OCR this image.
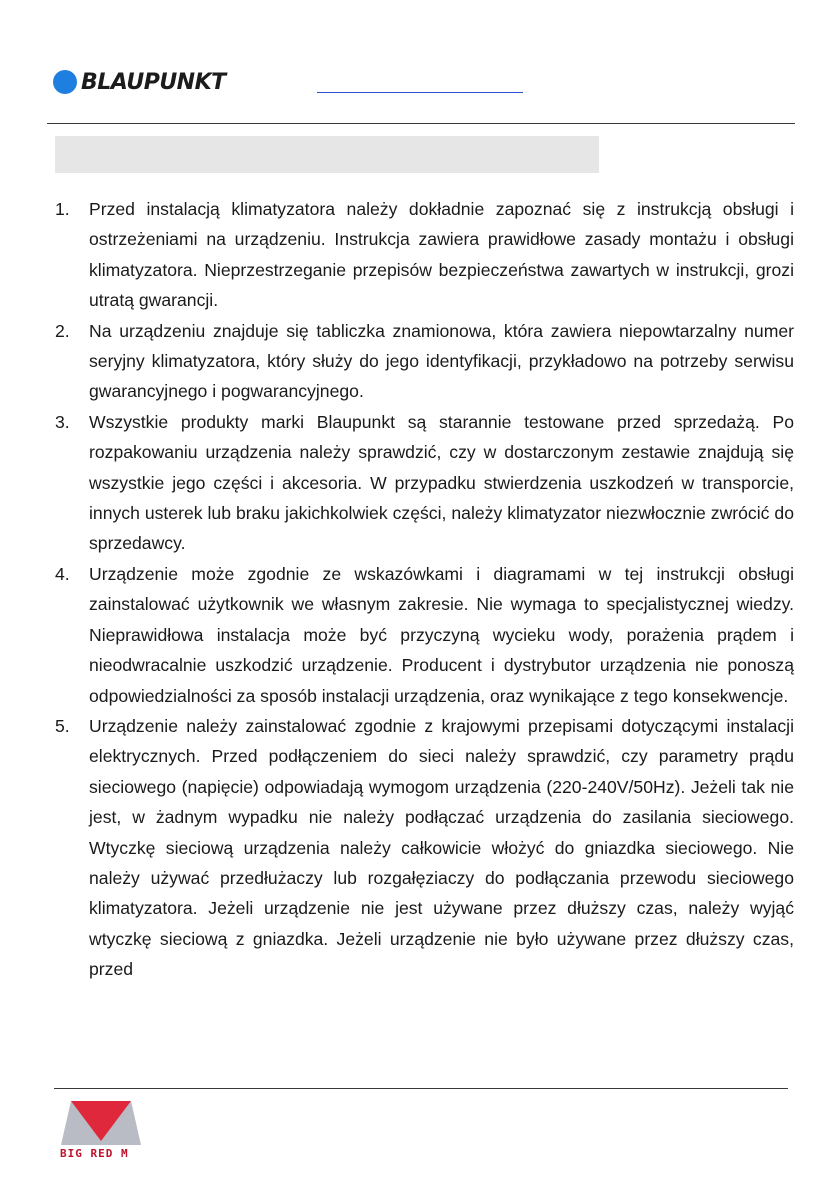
BLAUPUNKT
1. Przed instalacją klimatyzatora należy dokładnie zapoznać się z instrukcją obsługi i ostrzeżeniami na urządzeniu. Instrukcja zawiera prawidłowe zasady montażu i obsługi klimatyzatora. Nieprzestrzeganie przepisów bezpieczeństwa zawartych w instrukcji, grozi utratą gwarancji.
2. Na urządzeniu znajduje się tabliczka znamionowa, która zawiera niepowtarzalny numer seryjny klimatyzatora, który służy do jego identyfikacji, przykładowo na potrzeby serwisu gwarancyjnego i pogwarancyjnego.
3. Wszystkie produkty marki Blaupunkt są starannie testowane przed sprzedażą. Po rozpakowaniu urządzenia należy sprawdzić, czy w dostarczonym zestawie znajdują się wszystkie jego części i akcesoria. W przypadku stwierdzenia uszkodzeń w transporcie, innych usterek lub braku jakichkolwiek części, należy klimatyzator niezwłocznie zwrócić do sprzedawcy.
4. Urządzenie może zgodnie ze wskazówkami i diagramami w tej instrukcji obsługi zainstalować użytkownik we własnym zakresie. Nie wymaga to specjalistycznej wiedzy. Nieprawidłowa instalacja może być przyczyną wycieku wody, porażenia prądem i nieodwracalnie uszkodzić urządzenie. Producent i dystrybutor urządzenia nie ponoszą odpowiedzialności za sposób instalacji urządzenia, oraz wynikające z tego konsekwencje.
5. Urządzenie należy zainstalować zgodnie z krajowymi przepisami dotyczącymi instalacji elektrycznych. Przed podłączeniem do sieci należy sprawdzić, czy parametry prądu sieciowego (napięcie) odpowiadają wymogom urządzenia (220-240V/50Hz). Jeżeli tak nie jest, w żadnym wypadku nie należy podłączać urządzenia do zasilania sieciowego. Wtyczkę sieciową urządzenia należy całkowicie włożyć do gniazdka sieciowego. Nie należy używać przedłużaczy lub rozgałęziaczy do podłączania przewodu sieciowego klimatyzatora. Jeżeli urządzenie nie jest używane przez dłuższy czas, należy wyjąć wtyczkę sieciową z gniazdka. Jeżeli urządzenie nie było używane przez dłuższy czas, przed
BIG RED M
